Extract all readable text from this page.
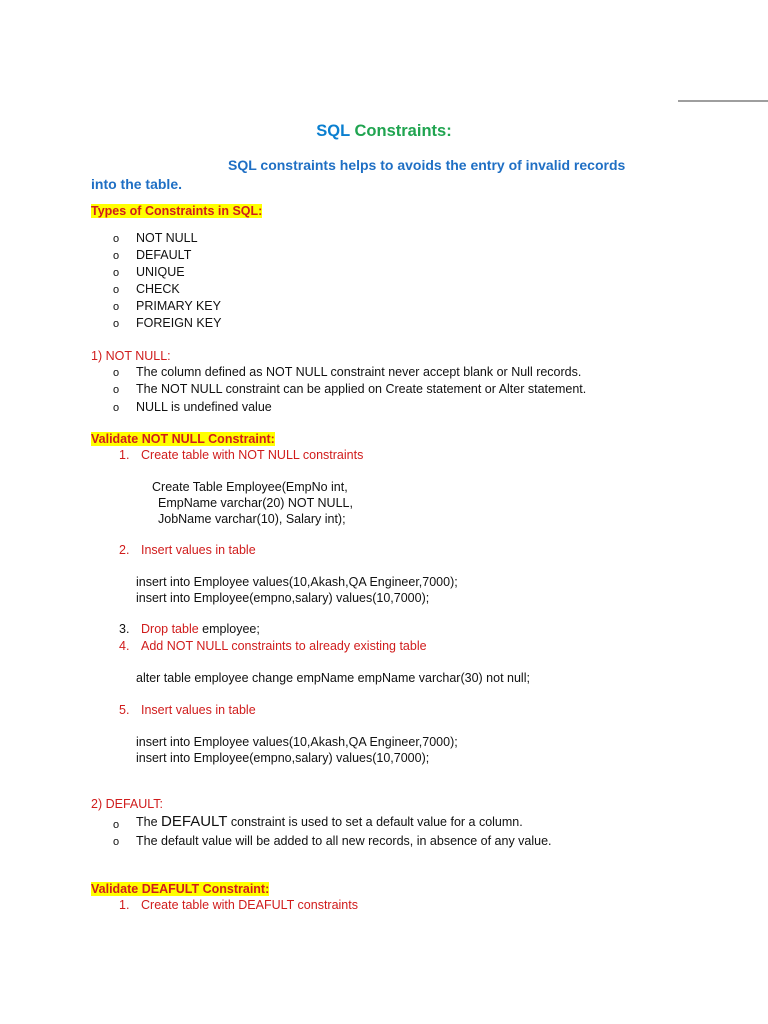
SQL Constraints:
SQL constraints helps to avoids the entry of invalid records
into the table.
Types of Constraints in SQL:
o NOT NULL
o DEFAULT
o UNIQUE
o CHECK
o PRIMARY KEY
o FOREIGN KEY
1) NOT NULL:
o The column defined as NOT NULL constraint never accept blank or Null records.
o The NOT NULL constraint can be applied on Create statement or Alter statement.
o NULL is undefined value
Validate NOT NULL Constraint:
1. Create table with NOT NULL constraints
Create Table Employee(EmpNo int,
EmpName varchar(20) NOT NULL,
JobName varchar(10), Salary int);
2. Insert values in table
insert into Employee values(10,Akash,QA Engineer,7000);
insert into Employee(empno,salary) values(10,7000);
3. Drop table employee;
4. Add NOT NULL constraints to already existing table
alter table employee change empName empName varchar(30) not null;
5. Insert values in table
insert into Employee values(10,Akash,QA Engineer,7000);
insert into Employee(empno,salary) values(10,7000);
2) DEFAULT:
o The DEFAULT constraint is used to set a default value for a column.
o The default value will be added to all new records, in absence of any value.
Validate DEAFULT Constraint:
1. Create table with DEAFULT constraints
